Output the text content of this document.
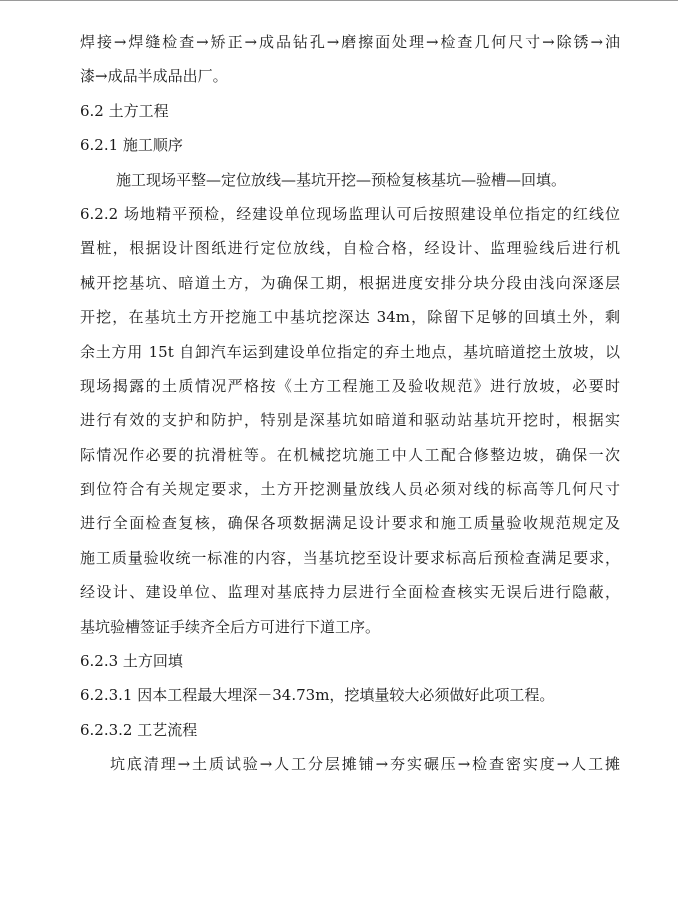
焊接→焊缝检查→矫正→成品钻孔→磨擦面处理→检查几何尺寸→除锈→油
漆→成品半成品出厂。
6.2 土方工程
6.2.1 施工顺序
施工现场平整—定位放线—基坑开挖—预检复核基坑—验槽—回填。
6.2.2 场地精平预检，经建设单位现场监理认可后按照建设单位指定的红线位
置桩，根据设计图纸进行定位放线，自检合格，经设计、监理验线后进行机
械开挖基坑、暗道土方，为确保工期，根据进度安排分块分段由浅向深逐层
开挖，在基坑土方开挖施工中基坑挖深达 34m，除留下足够的回填土外，剩
余土方用 15t 自卸汽车运到建设单位指定的弃土地点，基坑暗道挖土放坡，以
现场揭露的土质情况严格按《土方工程施工及验收规范》进行放坡，必要时
进行有效的支护和防护，特别是深基坑如暗道和驱动站基坑开挖时，根据实
际情况作必要的抗滑桩等。在机械挖坑施工中人工配合修整边坡，确保一次
到位符合有关规定要求，土方开挖测量放线人员必须对线的标高等几何尺寸
进行全面检查复核，确保各项数据满足设计要求和施工质量验收规范规定及
施工质量验收统一标准的内容，当基坑挖至设计要求标高后预检查满足要求，
经设计、建设单位、监理对基底持力层进行全面检查核实无误后进行隐蔽，
基坑验槽签证手续齐全后方可进行下道工序。
6.2.3 土方回填
6.2.3.1 因本工程最大埋深－34.73m，挖填量较大必须做好此项工程。
6.2.3.2 工艺流程
坑底清理→土质试验→人工分层摊铺→夯实碾压→检查密实度→人工摊
